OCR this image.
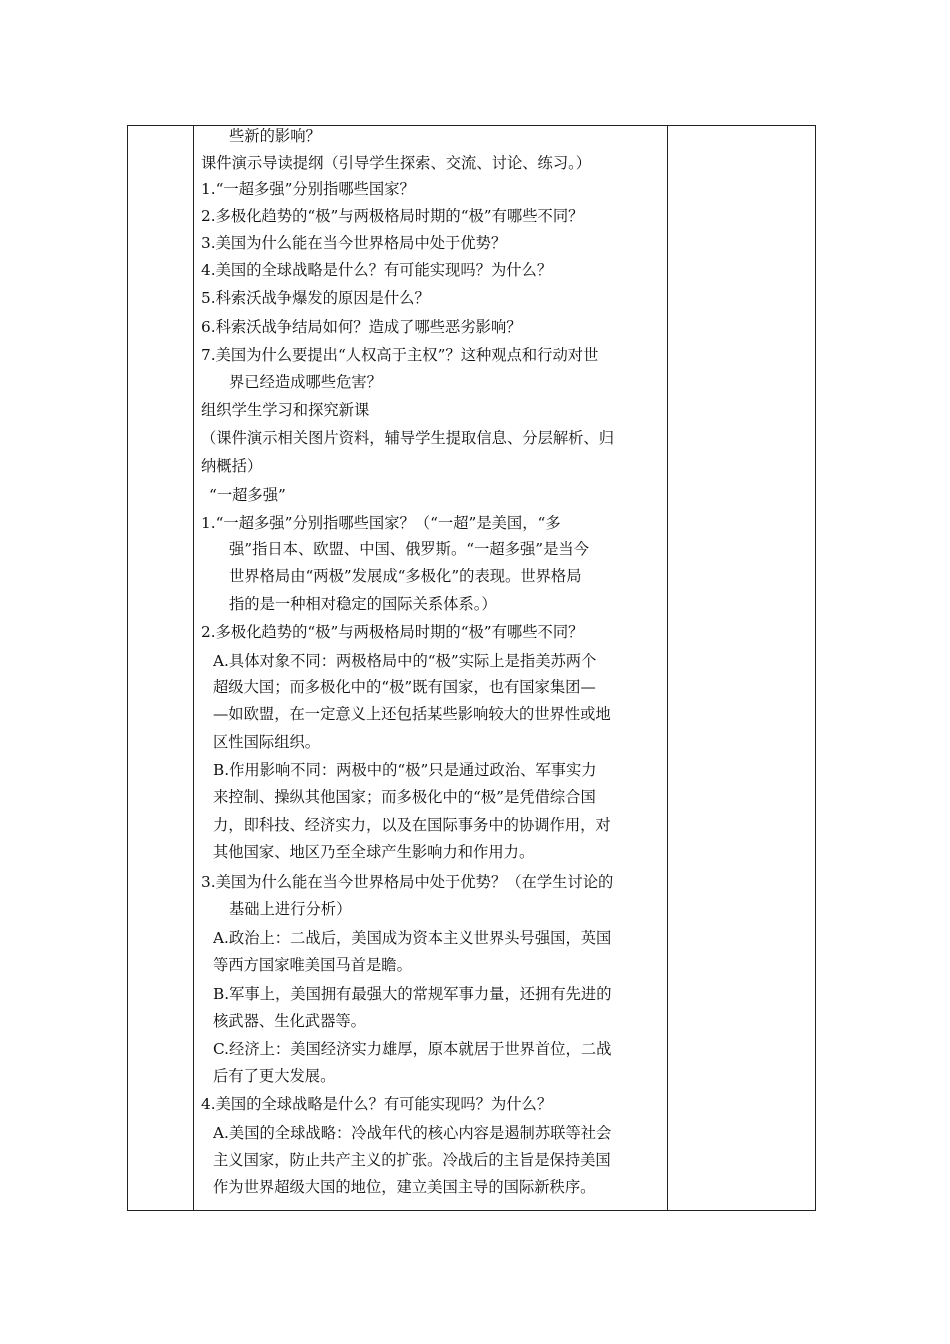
些新的影响？
课件演示导读提纲（引导学生探索、交流、讨论、练习。）
1.“一超多强”分别指哪些国家？
2.多极化趋势的“极”与两极格局时期的“极”有哪些不同？
3.美国为什么能在当今世界格局中处于优势？
4.美国的全球战略是什么？有可能实现吗？为什么？
5.科索沃战争爆发的原因是什么？
6.科索沃战争结局如何？造成了哪些恶劣影响？
7.美国为什么要提出“人权高于主权”？这种观点和行动对世
界已经造成哪些危害？
组织学生学习和探究新课
（课件演示相关图片资料，辅导学生提取信息、分层解析、归
纳概括）
“一超多强”
1.“一超多强”分别指哪些国家？（“一超”是美国，“多
强”指日本、欧盟、中国、俄罗斯。“一超多强”是当今
世界格局由“两极”发展成“多极化”的表现。世界格局
指的是一种相对稳定的国际关系体系。）
2.多极化趋势的“极”与两极格局时期的“极”有哪些不同？
A.具体对象不同：两极格局中的“极”实际上是指美苏两个
超级大国；而多极化中的“极”既有国家，也有国家集团—
—如欧盟，在一定意义上还包括某些影响较大的世界性或地
区性国际组织。
B.作用影响不同：两极中的“极”只是通过政治、军事实力
来控制、操纵其他国家；而多极化中的“极”是凭借综合国
力，即科技、经济实力，以及在国际事务中的协调作用，对
其他国家、地区乃至全球产生影响力和作用力。
3.美国为什么能在当今世界格局中处于优势？（在学生讨论的
基础上进行分析）
A.政治上：二战后，美国成为资本主义世界头号强国，英国
等西方国家唯美国马首是瞻。
B.军事上，美国拥有最强大的常规军事力量，还拥有先进的
核武器、生化武器等。
C.经济上：美国经济实力雄厚，原本就居于世界首位，二战
后有了更大发展。
4.美国的全球战略是什么？有可能实现吗？为什么？
A.美国的全球战略：冷战年代的核心内容是遏制苏联等社会
主义国家，防止共产主义的扩张。冷战后的主旨是保持美国
作为世界超级大国的地位，建立美国主导的国际新秩序。
